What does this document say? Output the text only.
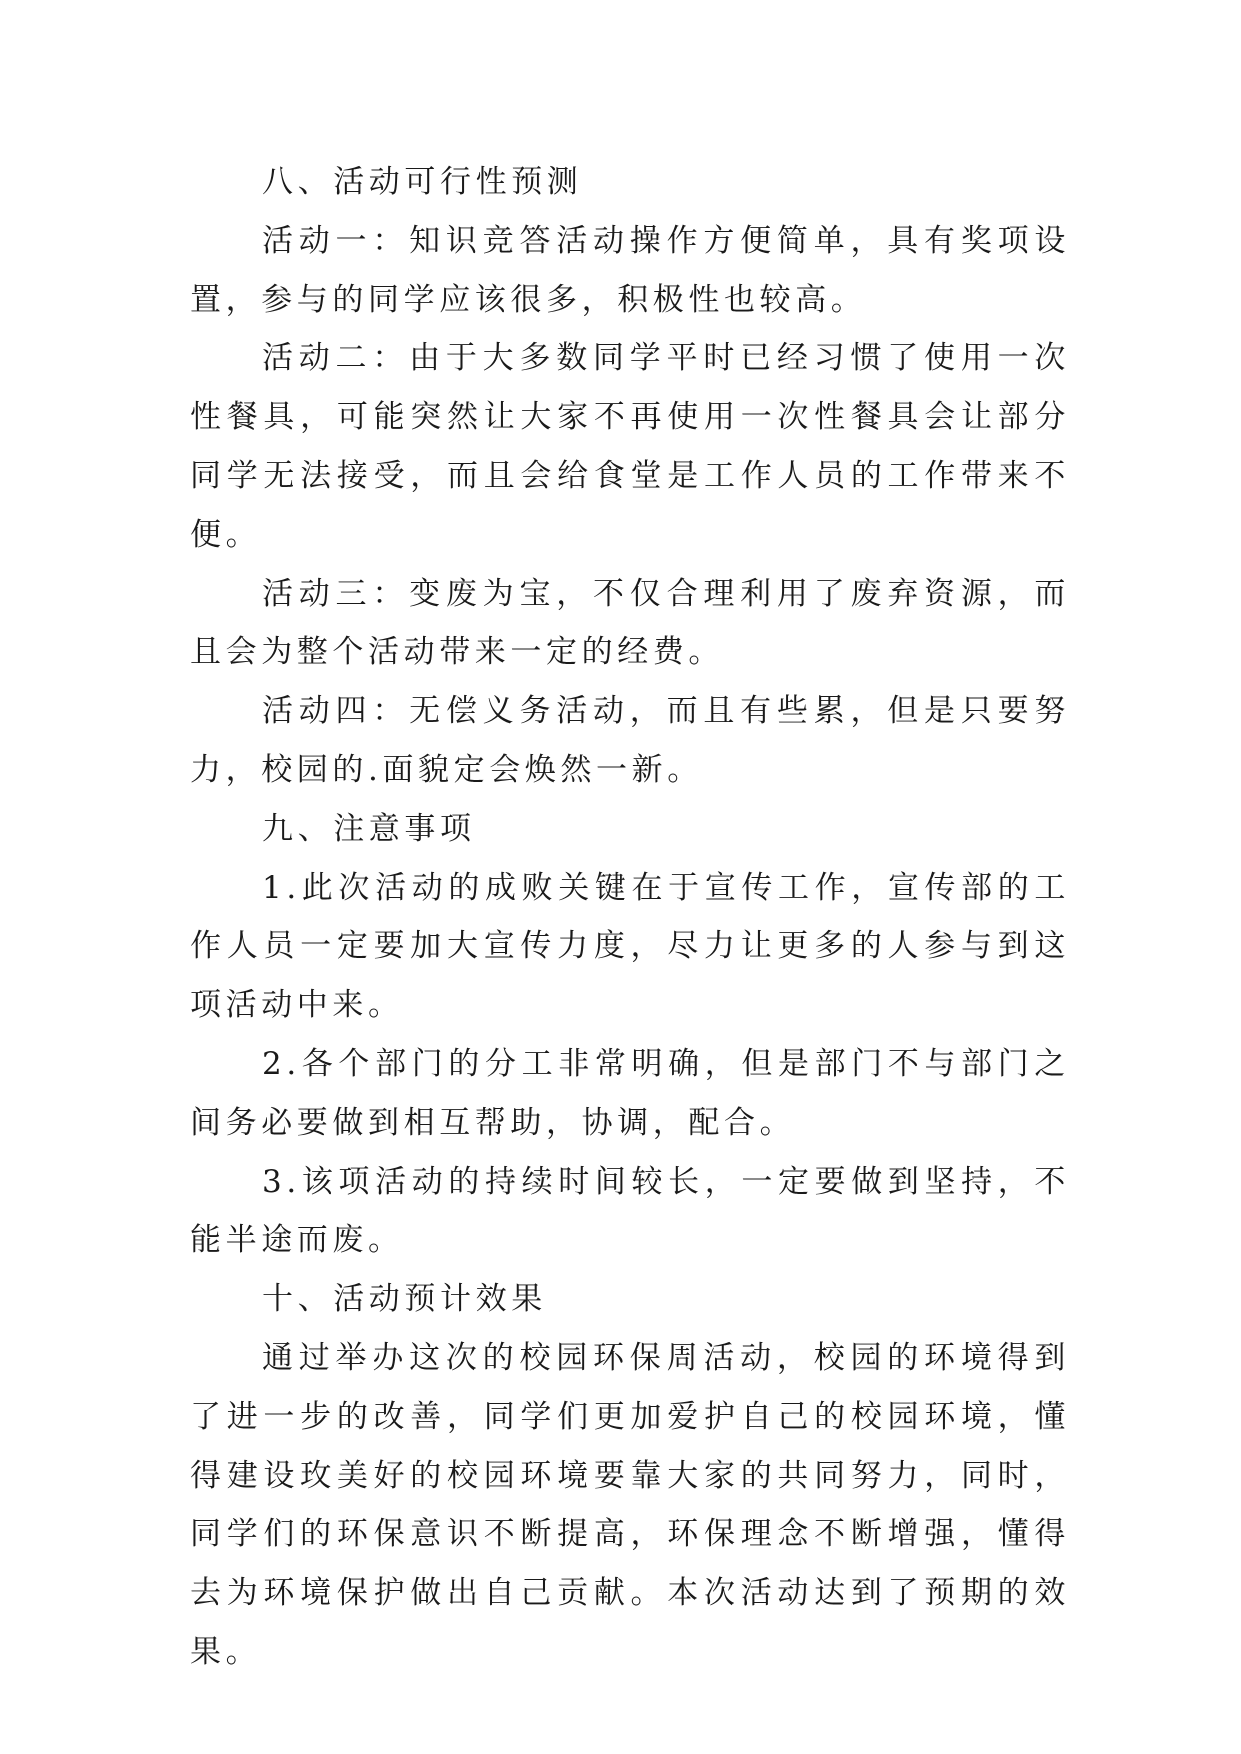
八、活动可行性预测

活动一：知识竞答活动操作方便简单，具有奖项设置，参与的同学应该很多，积极性也较高。

活动二：由于大多数同学平时已经习惯了使用一次性餐具，可能突然让大家不再使用一次性餐具会让部分同学无法接受，而且会给食堂是工作人员的工作带来不便。

活动三：变废为宝，不仅合理利用了废弃资源，而且会为整个活动带来一定的经费。

活动四：无偿义务活动，而且有些累，但是只要努力，校园的.面貌定会焕然一新。

九、注意事项

1.此次活动的成败关键在于宣传工作，宣传部的工作人员一定要加大宣传力度，尽力让更多的人参与到这项活动中来。

2.各个部门的分工非常明确，但是部门不与部门之间务必要做到相互帮助，协调，配合。

3.该项活动的持续时间较长，一定要做到坚持，不能半途而废。

十、活动预计效果

通过举办这次的校园环保周活动，校园的环境得到了进一步的改善，同学们更加爱护自己的校园环境，懂得建设玫美好的校园环境要靠大家的共同努力，同时，同学们的环保意识不断提高，环保理念不断增强，懂得去为环境保护做出自己贡献。本次活动达到了预期的效果。
